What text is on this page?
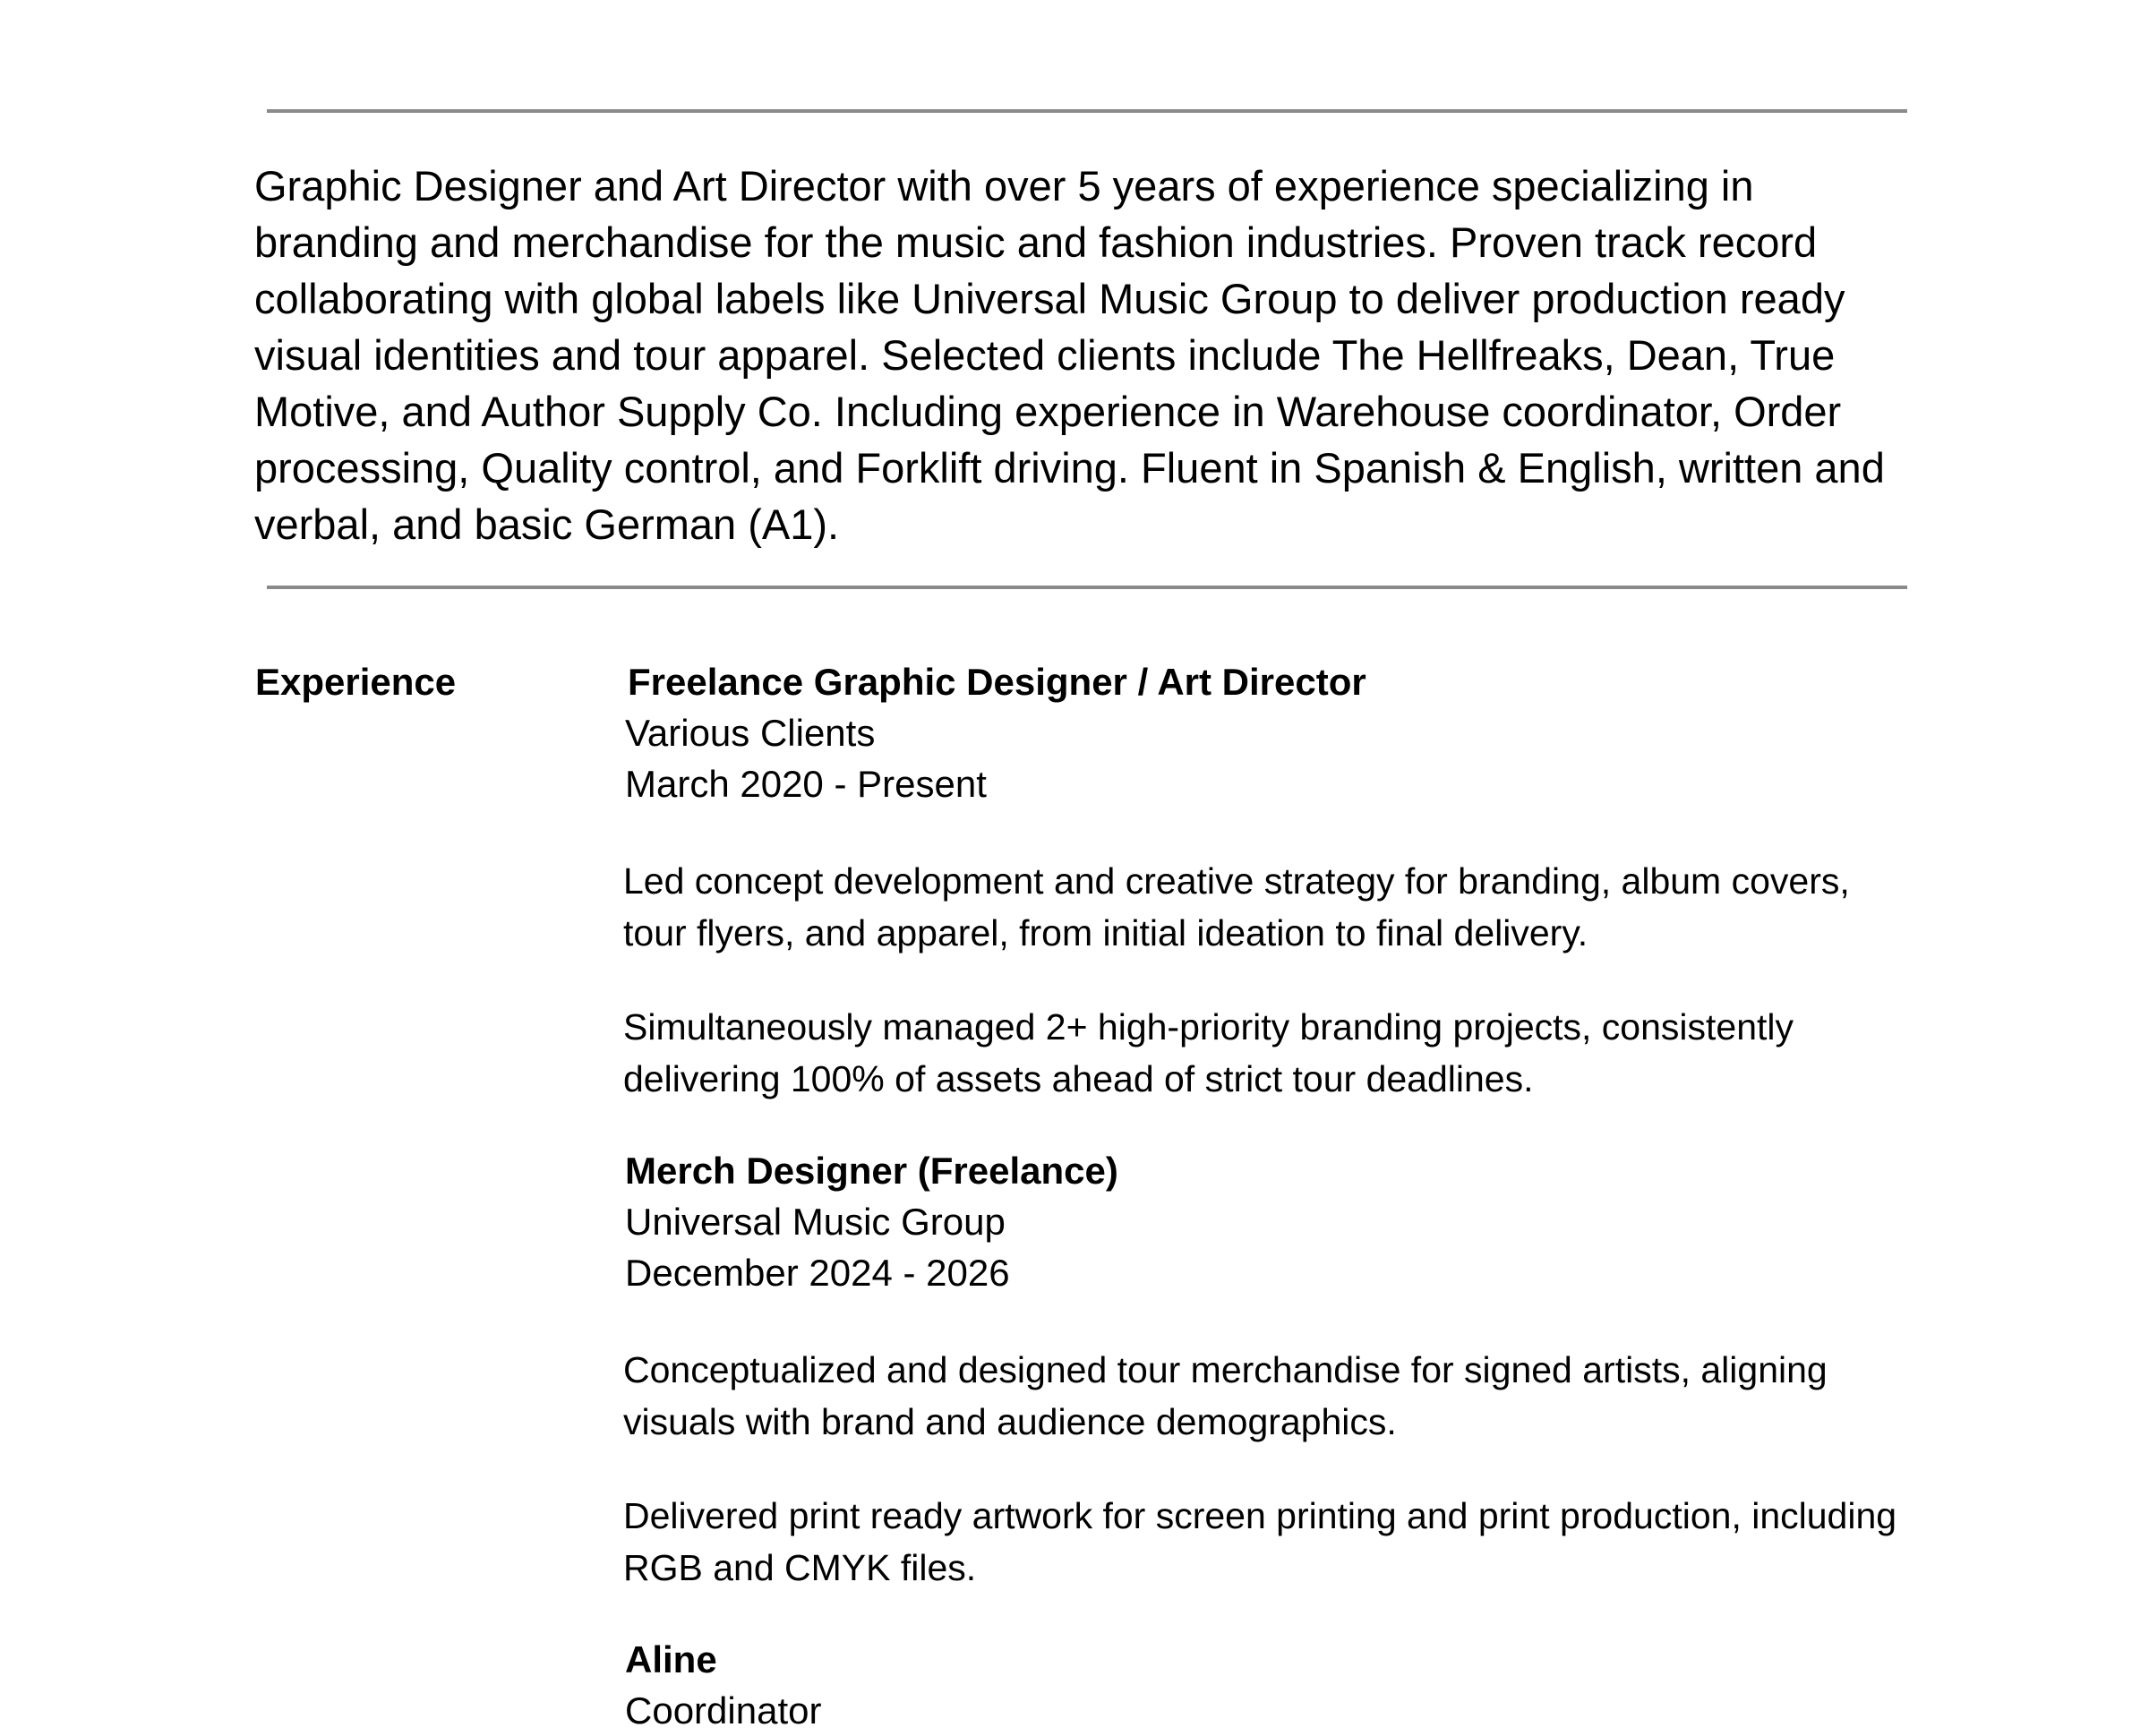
Graphic Designer and Art Director with over 5 years of experience specializing in branding and merchandise for the music and fashion industries. Proven track record collaborating with global labels like Universal Music Group to deliver production ready visual identities and tour apparel. Selected clients include The Hellfreaks, Dean, True Motive, and Author Supply Co. Including experience in Warehouse coordinator, Order processing, Quality control, and Forklift driving. Fluent in Spanish & English, written and verbal, and basic German (A1).

Experience	Freelance Graphic Designer / Art Director

Various Clients

March 2020 - Present

Led concept development and creative strategy for branding, album covers, tour flyers, and apparel, from initial ideation to final delivery.

Simultaneously managed 2+ high-priority branding projects, consistently delivering 100% of assets ahead of strict tour deadlines.

Merch Designer (Freelance)

Universal Music Group

December 2024 - 2026

Conceptualized and designed tour merchandise for signed artists, aligning visuals with brand and audience demographics.

Delivered print ready artwork for screen printing and print production, including RGB and CMYK files.

Aline

Coordinator
